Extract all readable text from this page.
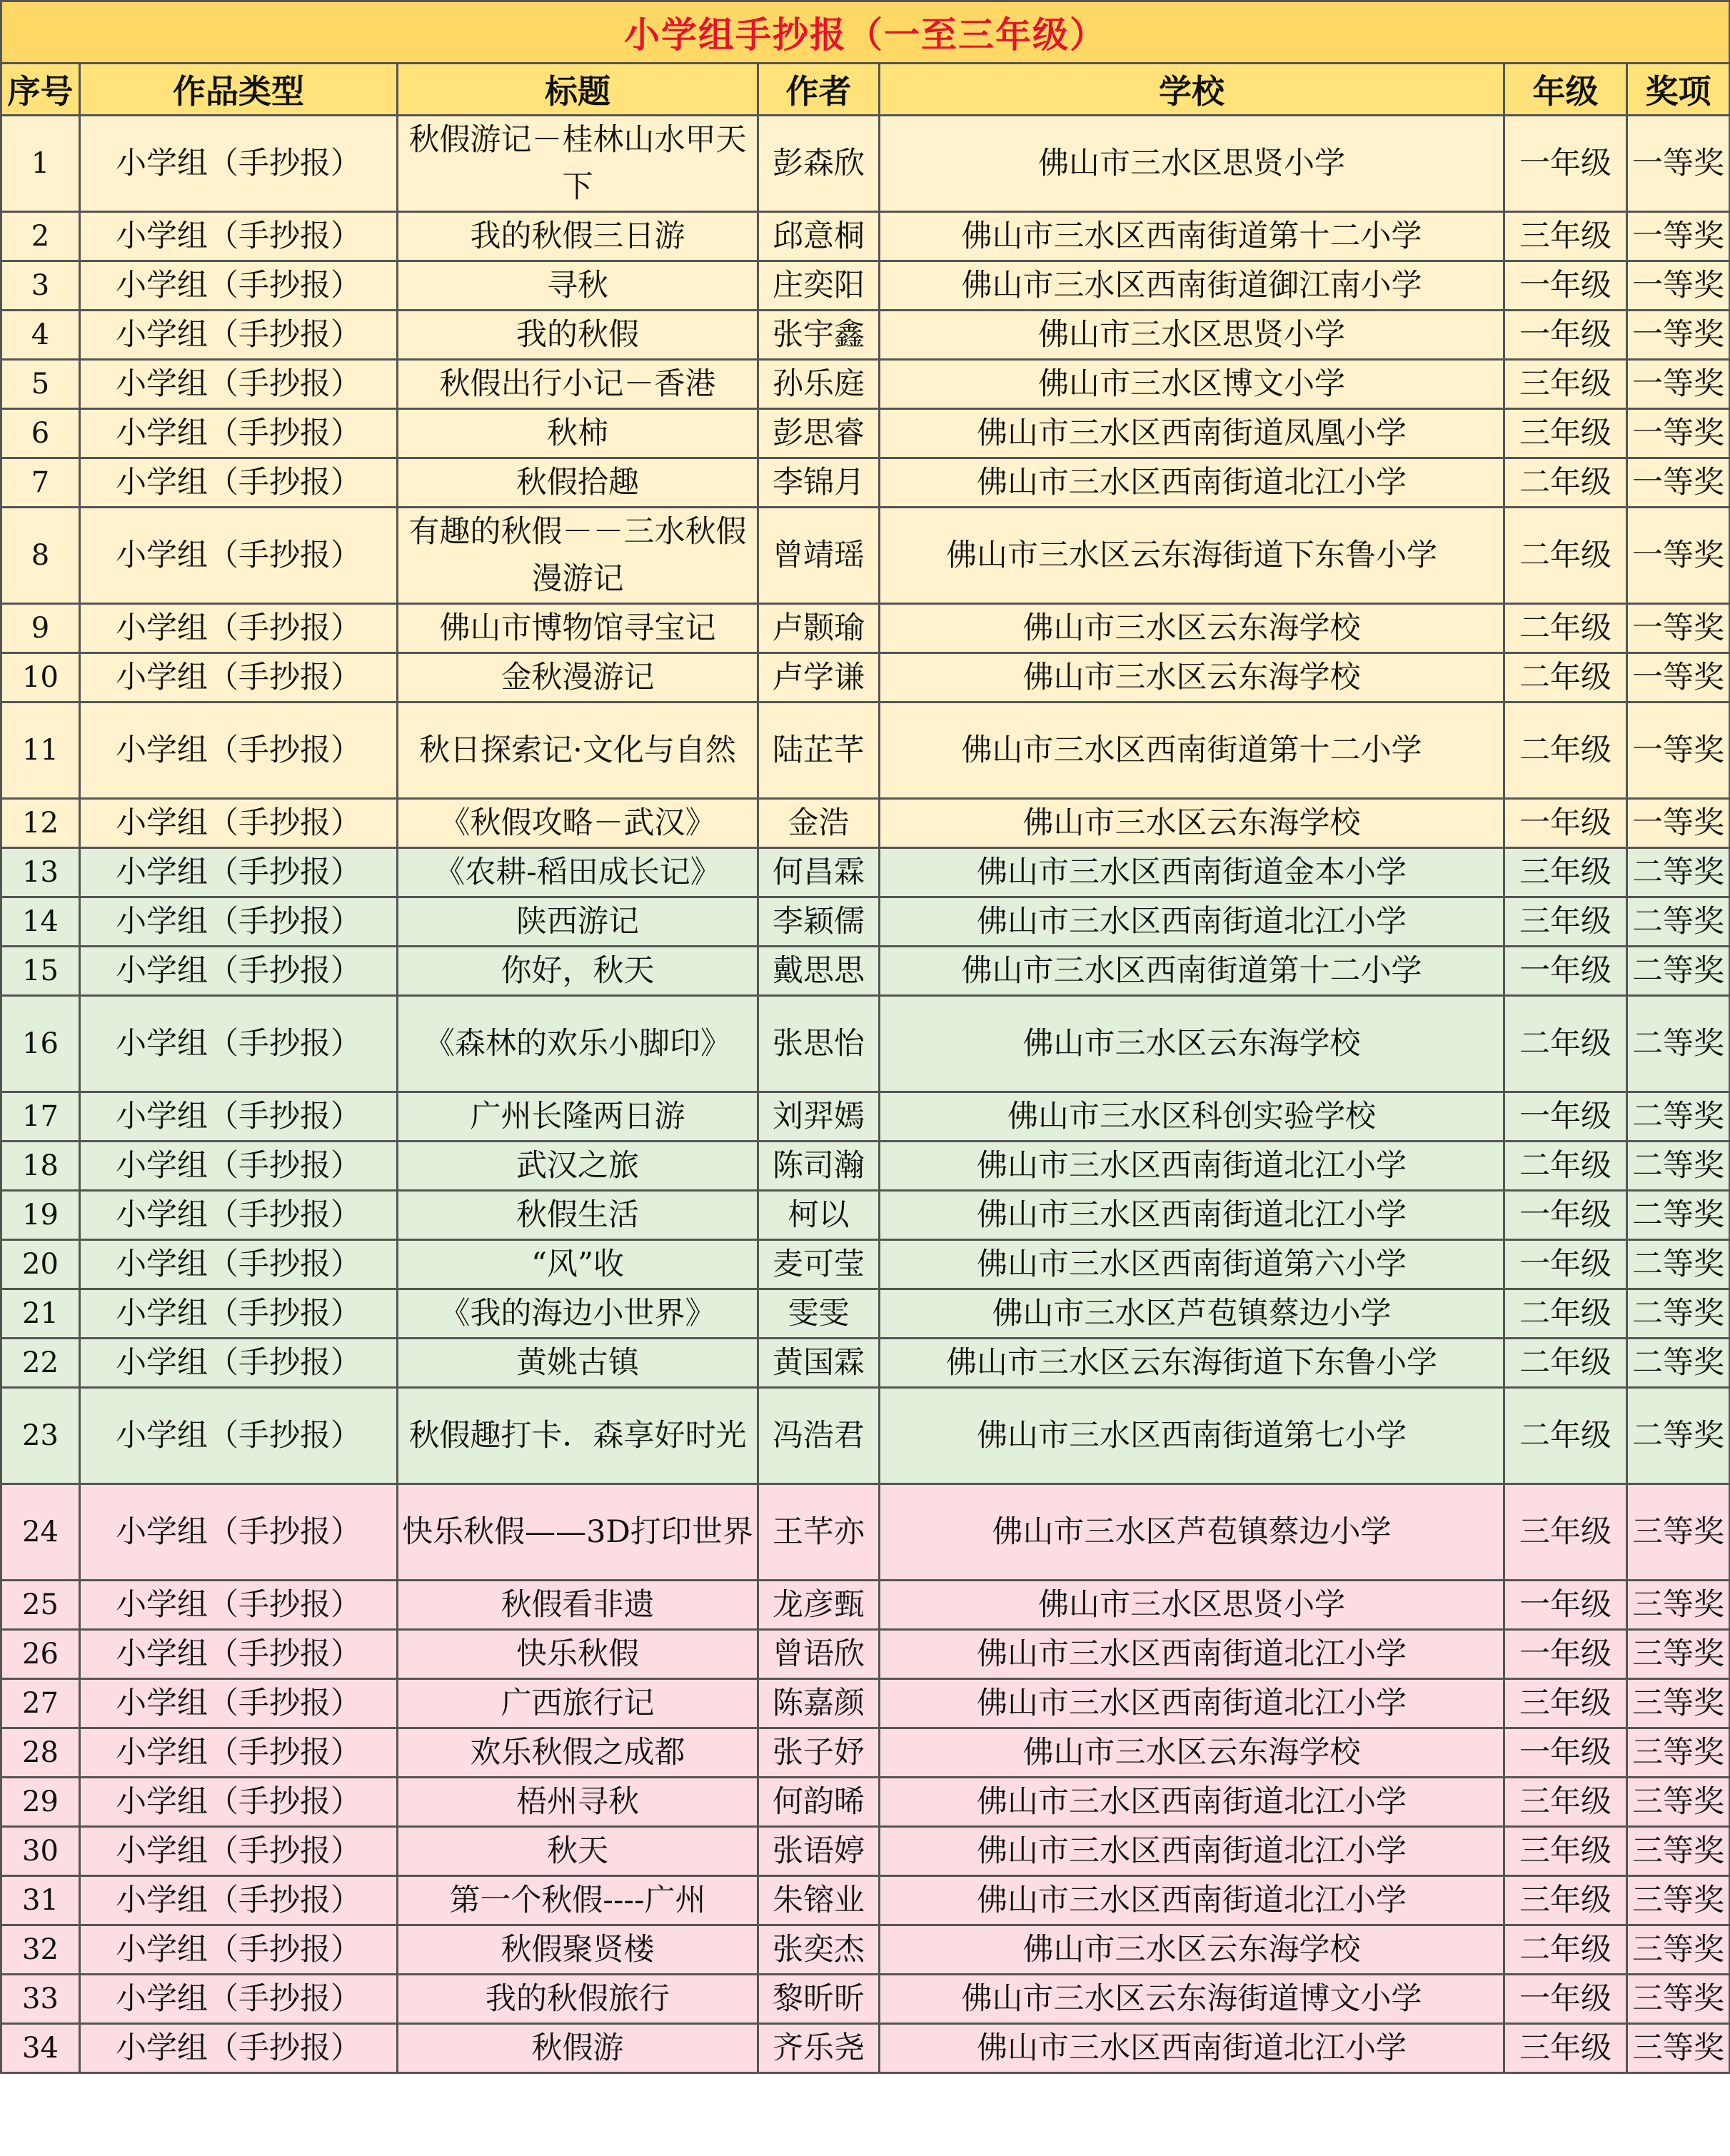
小学组手抄报（一至三年级）						
序号	作品类型	标题	作者	学校	年级	奖项
1	小学组（手抄报）	秋假游记－桂林山水甲天下	彭森欣	佛山市三水区思贤小学	一年级	一等奖
2	小学组（手抄报）	我的秋假三日游	邱意桐	佛山市三水区西南街道第十二小学	三年级	一等奖
3	小学组（手抄报）	寻秋	庄奕阳	佛山市三水区西南街道御江南小学	一年级	一等奖
4	小学组（手抄报）	我的秋假	张宇鑫	佛山市三水区思贤小学	一年级	一等奖
5	小学组（手抄报）	秋假出行小记－香港	孙乐庭	佛山市三水区博文小学	三年级	一等奖
6	小学组（手抄报）	秋柿	彭思睿	佛山市三水区西南街道凤凰小学	三年级	一等奖
7	小学组（手抄报）	秋假拾趣	李锦月	佛山市三水区西南街道北江小学	二年级	一等奖
8	小学组（手抄报）	有趣的秋假－－三水秋假漫游记	曾靖瑶	佛山市三水区云东海街道下东鲁小学	二年级	一等奖
9	小学组（手抄报）	佛山市博物馆寻宝记	卢颢瑜	佛山市三水区云东海学校	二年级	一等奖
10	小学组（手抄报）	金秋漫游记	卢学谦	佛山市三水区云东海学校	二年级	一等奖
11	小学组（手抄报）	秋日探索记·文化与自然	陆芷芊	佛山市三水区西南街道第十二小学	二年级	一等奖
12	小学组（手抄报）	《秋假攻略－武汉》	金浩	佛山市三水区云东海学校	一年级	一等奖
13	小学组（手抄报）	《农耕-稻田成长记》	何昌霖	佛山市三水区西南街道金本小学	三年级	二等奖
14	小学组（手抄报）	陕西游记	李颖儒	佛山市三水区西南街道北江小学	三年级	二等奖
15	小学组（手抄报）	你好，秋天	戴思思	佛山市三水区西南街道第十二小学	一年级	二等奖
16	小学组（手抄报）	《森林的欢乐小脚印》	张思怡	佛山市三水区云东海学校	二年级	二等奖
17	小学组（手抄报）	广州长隆两日游	刘羿嫣	佛山市三水区科创实验学校	一年级	二等奖
18	小学组（手抄报）	武汉之旅	陈司瀚	佛山市三水区西南街道北江小学	二年级	二等奖
19	小学组（手抄报）	秋假生活	柯以	佛山市三水区西南街道北江小学	一年级	二等奖
20	小学组（手抄报）	“风”收	麦可莹	佛山市三水区西南街道第六小学	一年级	二等奖
21	小学组（手抄报）	《我的海边小世界》	雯雯	佛山市三水区芦苞镇蔡边小学	二年级	二等奖
22	小学组（手抄报）	黄姚古镇	黄国霖	佛山市三水区云东海街道下东鲁小学	二年级	二等奖
23	小学组（手抄报）	秋假趣打卡．森享好时光	冯浩君	佛山市三水区西南街道第七小学	二年级	二等奖
24	小学组（手抄报）	快乐秋假——3D打印世界	王芊亦	佛山市三水区芦苞镇蔡边小学	三年级	三等奖
25	小学组（手抄报）	秋假看非遗	龙彦甄	佛山市三水区思贤小学	一年级	三等奖
26	小学组（手抄报）	快乐秋假	曾语欣	佛山市三水区西南街道北江小学	一年级	三等奖
27	小学组（手抄报）	广西旅行记	陈嘉颜	佛山市三水区西南街道北江小学	三年级	三等奖
28	小学组（手抄报）	欢乐秋假之成都	张子妤	佛山市三水区云东海学校	一年级	三等奖
29	小学组（手抄报）	梧州寻秋	何韵晞	佛山市三水区西南街道北江小学	三年级	三等奖
30	小学组（手抄报）	秋天	张语婷	佛山市三水区西南街道北江小学	三年级	三等奖
31	小学组（手抄报）	第一个秋假----广州	朱镕业	佛山市三水区西南街道北江小学	三年级	三等奖
32	小学组（手抄报）	秋假聚贤楼	张奕杰	佛山市三水区云东海学校	二年级	三等奖
33	小学组（手抄报）	我的秋假旅行	黎昕昕	佛山市三水区云东海街道博文小学	一年级	三等奖
34	小学组（手抄报）	秋假游	齐乐尧	佛山市三水区西南街道北江小学	三年级	三等奖
